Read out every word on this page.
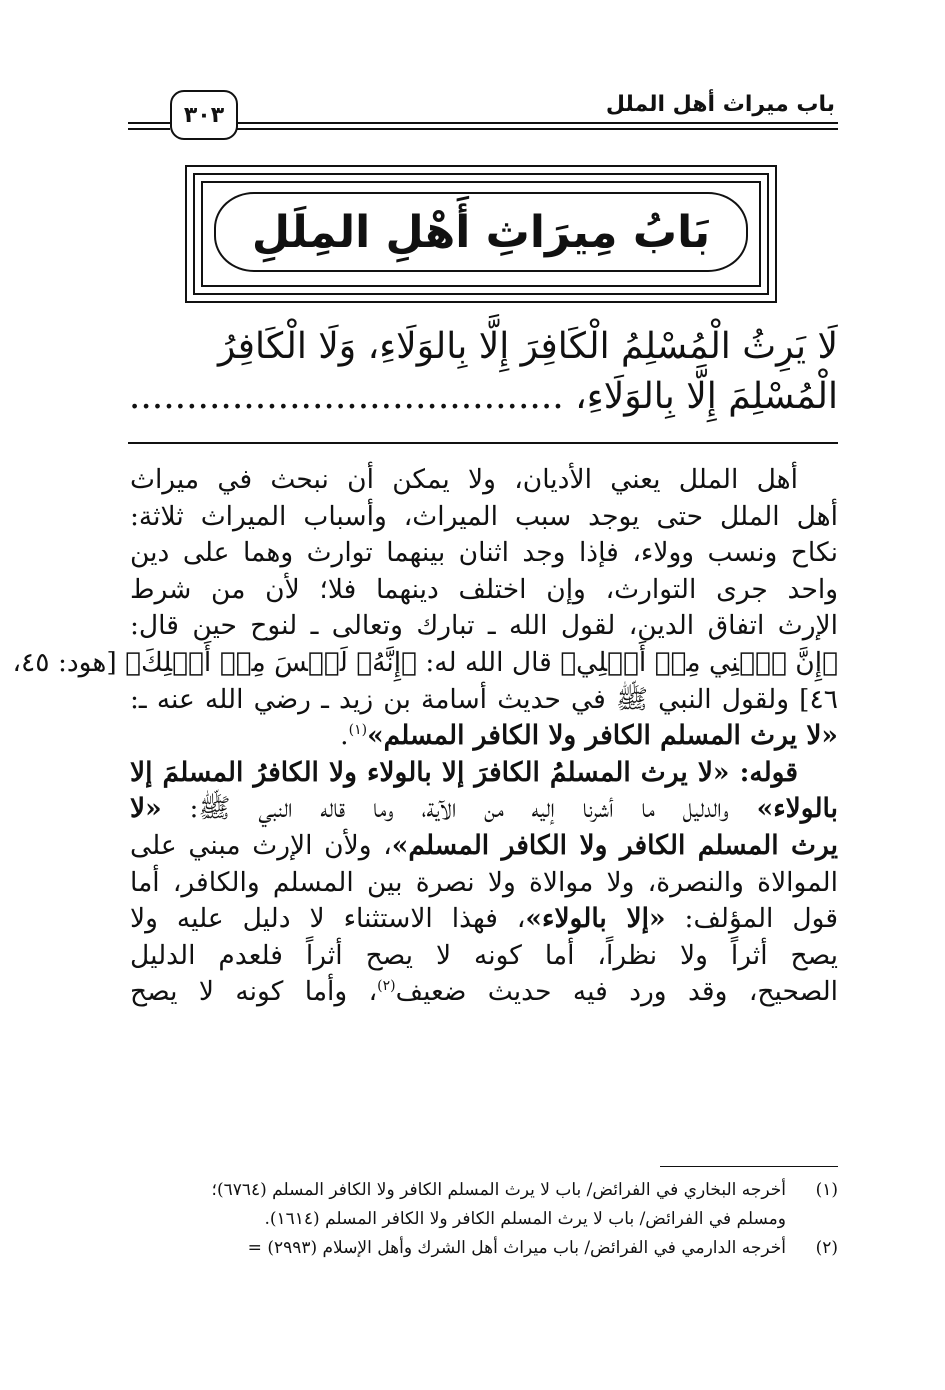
باب ميراث أهل الملل
٣٠٣
بَابُ مِيرَاثِ أَهْلِ المِلَلِ
لَا يَرِثُ الْمُسْلِمُ الْكَافِرَ إِلَّا بِالوَلَاءِ، وَلَا الْكَافِرُ
الْمُسْلِمَ إِلَّا بِالوَلَاءِ، ......................................
أهل الملل يعني الأديان، ولا يمكن أن نبحث في ميراث
أهل الملل حتى يوجد سبب الميراث، وأسباب الميراث ثلاثة:
نكاح ونسب وولاء، فإذا وجد اثنان بينهما توارث وهما على دين
واحد جرى التوارث، وإن اختلف دينهما فلا؛ لأن من شرط
الإرث اتفاق الدين، لقول الله ـ تبارك وتعالى ـ لنوح حين قال:
﴿إِنَّ ٱبۡنِي مِنۡ أَهۡلِي﴾ قال الله له: ﴿إِنَّهُۥ لَيۡسَ مِنۡ أَهۡلِكَ﴾ [هود: ٤٥،
٤٦] ولقول النبي ﷺ في حديث أسامة بن زيد ـ رضي الله عنه ـ:
«لا يرث المسلم الكافر ولا الكافر المسلم»$^{(١)}$.
قوله: «لا يرث المسلمُ الكافرَ إلا بالولاء ولا الكافرُ المسلمَ إلا
بالولاء» والدليل ما أشرنا إليه من الآية، وما قاله النبي ﷺ: «لا
يرث المسلم الكافر ولا الكافر المسلم»، ولأن الإرث مبني على
الموالاة والنصرة، ولا موالاة ولا نصرة بين المسلم والكافر، أما
قول المؤلف: «إلا بالولاء»، فهذا الاستثناء لا دليل عليه ولا
يصح أثراً ولا نظراً، أما كونه لا يصح أثراً فلعدم الدليل
الصحيح، وقد ورد فيه حديث ضعيف$^{(٢)}$، وأما كونه لا يصح
(١)أخرجه البخاري في الفرائض/ باب لا يرث المسلم الكافر ولا الكافر المسلم (٦٧٦٤)؛
ومسلم في الفرائض/ باب لا يرث المسلم الكافر ولا الكافر المسلم (١٦١٤).
(٢)أخرجه الدارمي في الفرائض/ باب ميراث أهل الشرك وأهل الإسلام (٢٩٩٣) =
